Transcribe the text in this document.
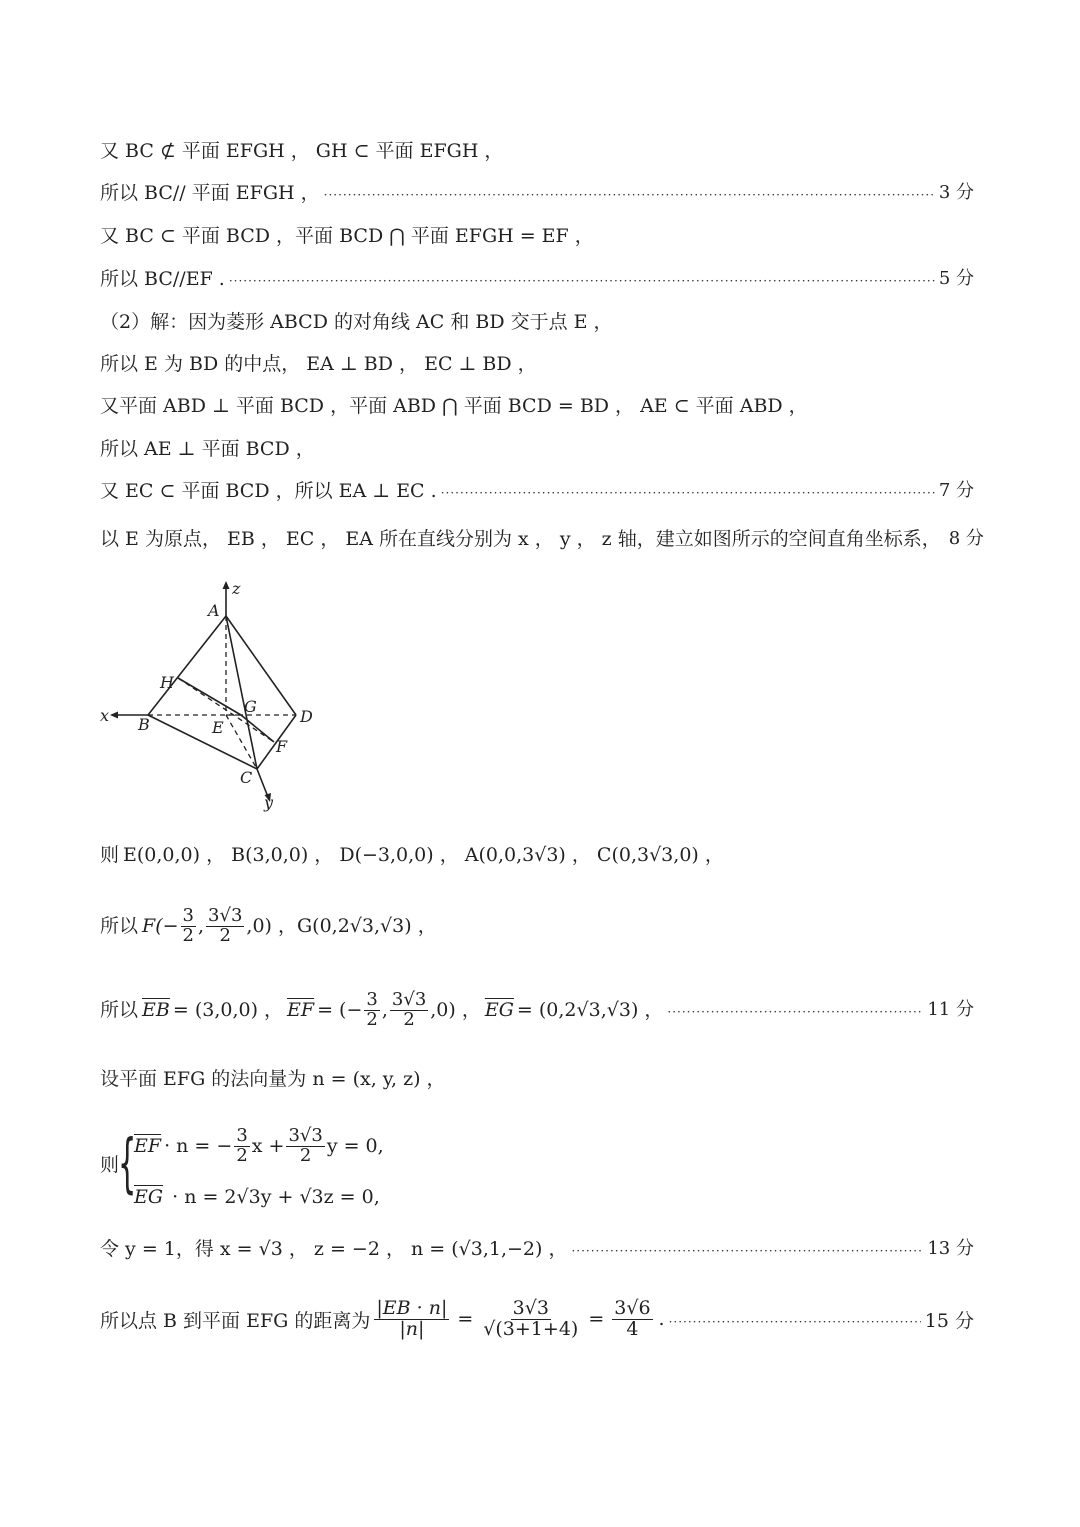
又 BC ⊄ 平面 EFGH ， GH ⊂ 平面 EFGH ，
所以 BC// 平面 EFGH ， ·····	3 分
又 BC ⊂ 平面 BCD ，平面 BCD ⋂ 平面 EFGH = EF ，
所以 BC//EF . ·····	5 分
（2）解：因为菱形 ABCD 的对角线 AC 和 BD 交于点 E ，
所以 E 为 BD 的中点， EA ⊥ BD ， EC ⊥ BD ，
又平面 ABD ⊥ 平面 BCD ，平面 ABD ⋂ 平面 BCD = BD ， AE ⊂ 平面 ABD ，
所以 AE ⊥ 平面 BCD ，
又 EC ⊂ 平面 BCD ，所以 EA ⊥ EC . ·····	7 分
以 E 为原点， EB ， EC ， EA 所在直线分别为 x ， y ， z 轴，建立如图所示的空间直角坐标系， 8 分
z
A
H
x B
G
E
D
F
C
y
则 E(0,0,0) ， B(3,0,0) ， D(−3,0,0) ， A(0,0,3√3) ， C(0,3√3,0) ，
所以 $F(- \frac{3}{2}$ , $\frac{3√3}{2} ,0$) ， G(0,2√3,√3) ，
所以 $\overline{EB} = (3,0,0)$ ， $\overline{EF}$ = (− $\frac{3}{2}$ , $\frac{3√3}{2} ,0$) ， $\overline{EG} = (0,2√3,√3)$ ， ·····	11 分
设平面 EFG 的法向量为 n = (x, y, z) ，
则
{
$\overline{EF} \cdot n$ = − $\frac{3}{2}$ $x + \frac{3√3}{2}$ y = 0,
$\overline{EG} \cdot n = 2√3y + √3z = 0$,
令 y = 1，得 x = √3 ， z = −2 ， n = (√3,1,−2) ， ·····	13 分
所以点 B 到平面 EFG 的距离为 $\frac{|EB \cdot n|}{|n|} = \frac{3√3}{√(3+1+4)} = \frac{3√6}{4}$ . ·····	15 分
